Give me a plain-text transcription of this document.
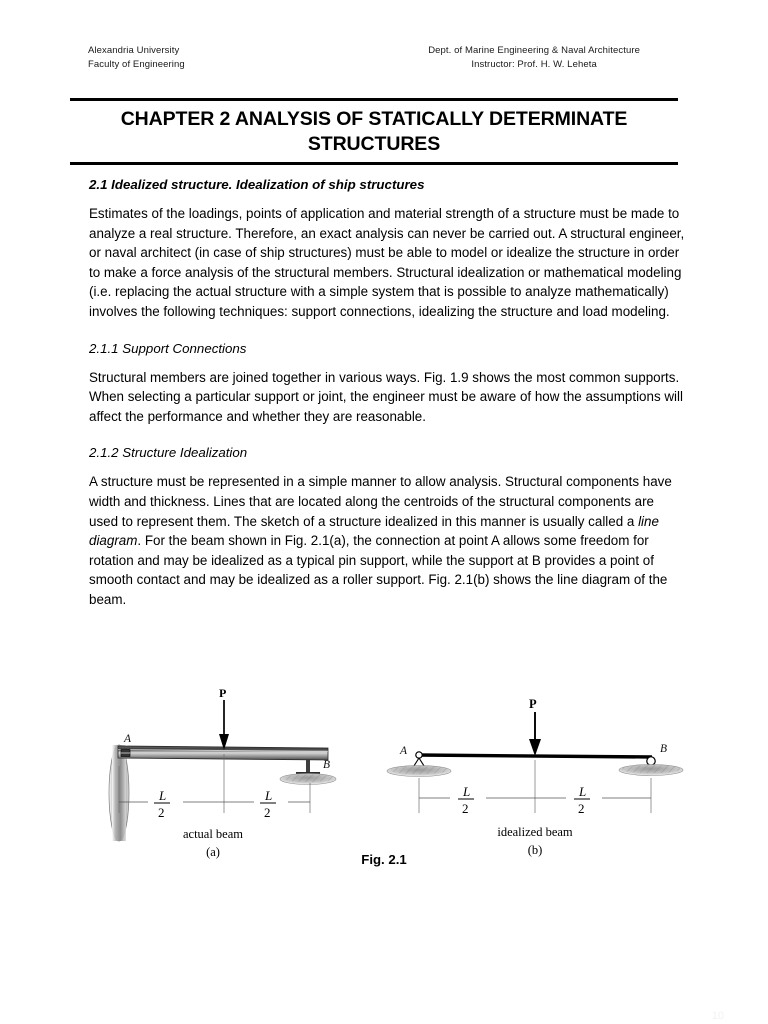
Alexandria University
Faculty of Engineering
Dept. of Marine Engineering & Naval Architecture
Instructor: Prof. H. W. Leheta
CHAPTER 2 ANALYSIS OF STATICALLY DETERMINATE STRUCTURES
2.1 Idealized structure. Idealization of ship structures

Estimates of the loadings, points of application and material strength of a structure must be made to analyze a real structure. Therefore, an exact analysis can never be carried out. A structural engineer, or naval architect (in case of ship structures) must be able to model or idealize the structure in order to make a force analysis of the structural members. Structural idealization or mathematical modeling (i.e. replacing the actual structure with a simple system that is possible to analyze mathematically) involves the following techniques: support connections, idealizing the structure and load modeling.

2.1.1 Support Connections

Structural members are joined together in various ways. Fig. 1.9 shows the most common supports. When selecting a particular support or joint, the engineer must be aware of how the assumptions will affect the performance and whether they are reasonable.

2.1.2 Structure Idealization

A structure must be represented in a simple manner to allow analysis. Structural components have width and thickness. Lines that are located along the centroids of the structural components are used to represent them. The sketch of a structure idealized in this manner is usually called a line diagram. For the beam shown in Fig. 2.1(a), the connection at point A allows some freedom for rotation and may be idealized as a typical pin support, while the support at B provides a point of smooth contact and may be idealized as a roller support. Fig. 2.1(b) shows the line diagram of the beam.

A
P
B
L
2
L
2
actual beam
(a)
A
P
B
L
2
L
2
idealized beam
(b)
Fig. 2.1
10
